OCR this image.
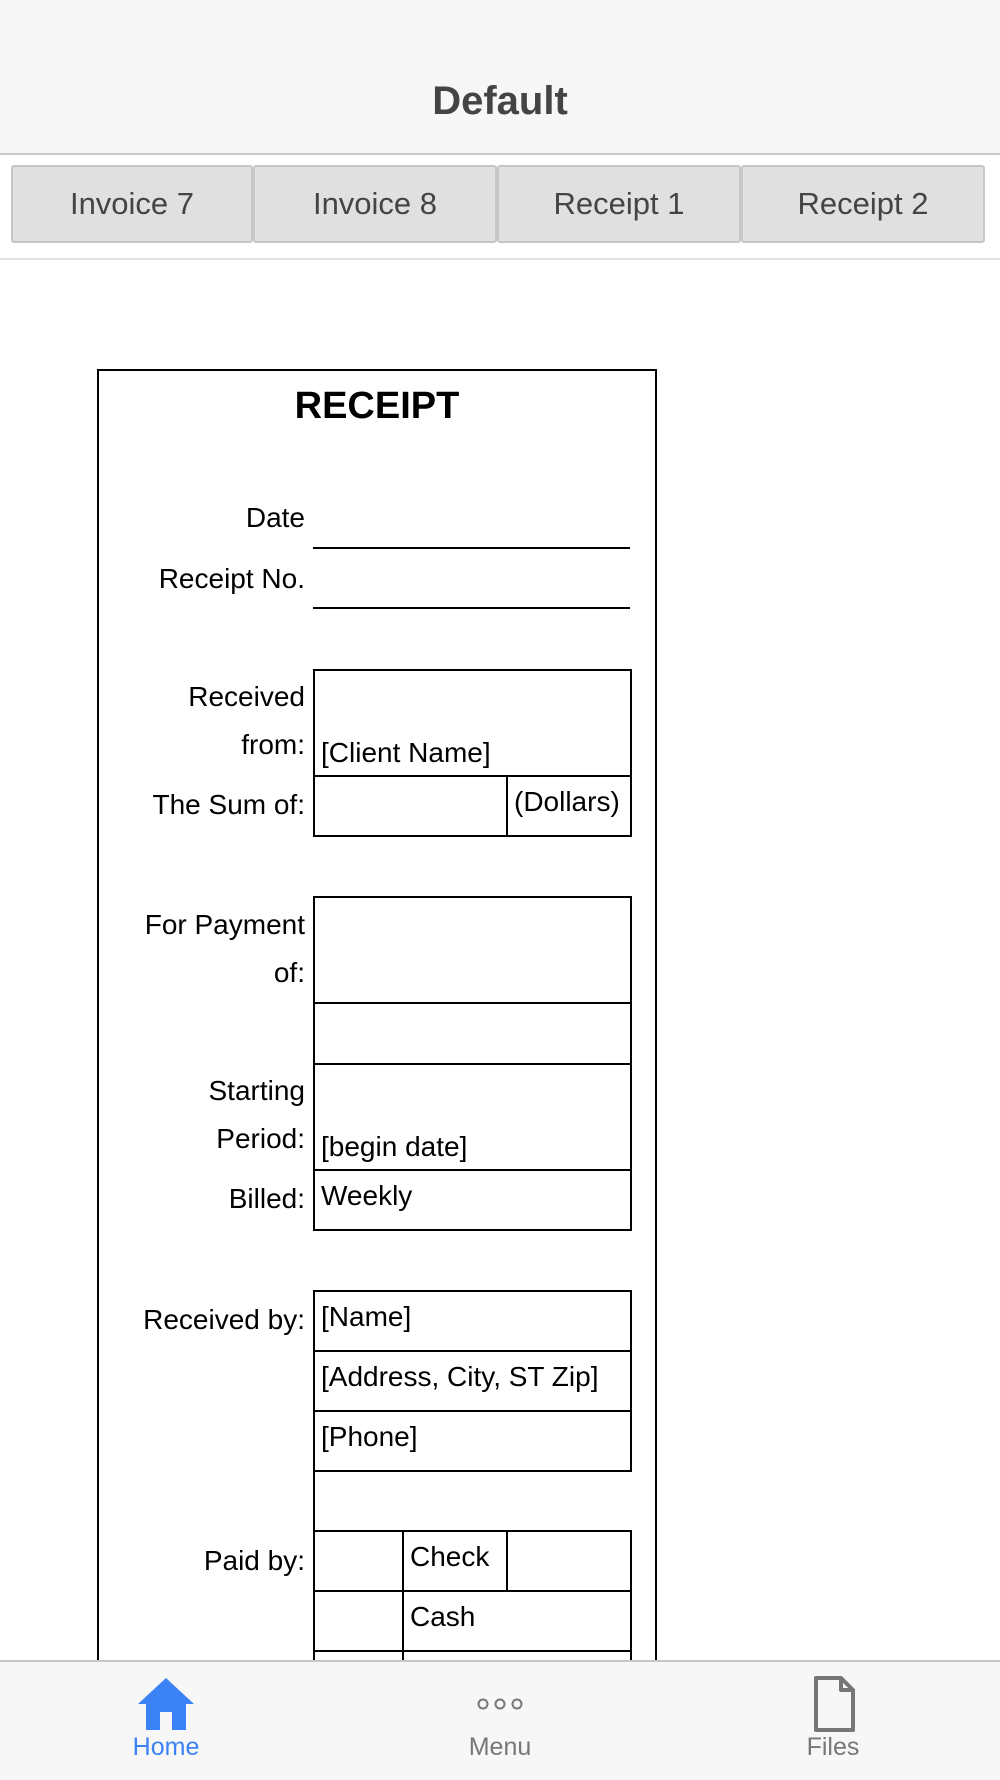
Default
Invoice 7	Invoice 8	Receipt 1	Receipt 2
RECEIPT
Date
Receipt No.
Received
from: [Client Name]
The Sum of:	(Dollars)
For Payment
of:
Starting
Period: [begin date]
Billed: Weekly
Received by: [Name]
[Address, City, ST Zip]
[Phone]
Paid by:	Check
Cash
Home	Menu	Files
